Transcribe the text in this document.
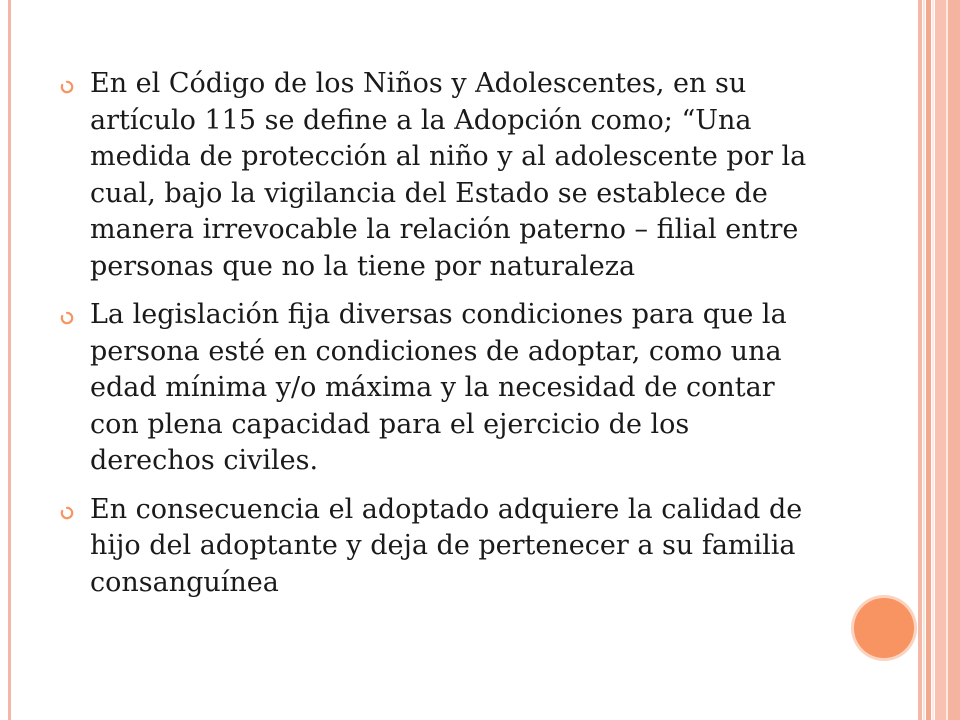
En el Código de los Niños y Adolescentes, en su artículo 115 se define a la Adopción como; “Una medida de protección al niño y al adolescente por la cual, bajo la vigilancia del Estado se establece de manera irrevocable la relación paterno – filial entre personas que no la tiene por naturaleza
La legislación fija diversas condiciones para que la persona esté en condiciones de adoptar, como una edad mínima y/o máxima y la necesidad de contar con plena capacidad para el ejercicio de los derechos civiles.
En consecuencia el adoptado adquiere la calidad de hijo del adoptante y deja de pertenecer a su familia consanguínea
